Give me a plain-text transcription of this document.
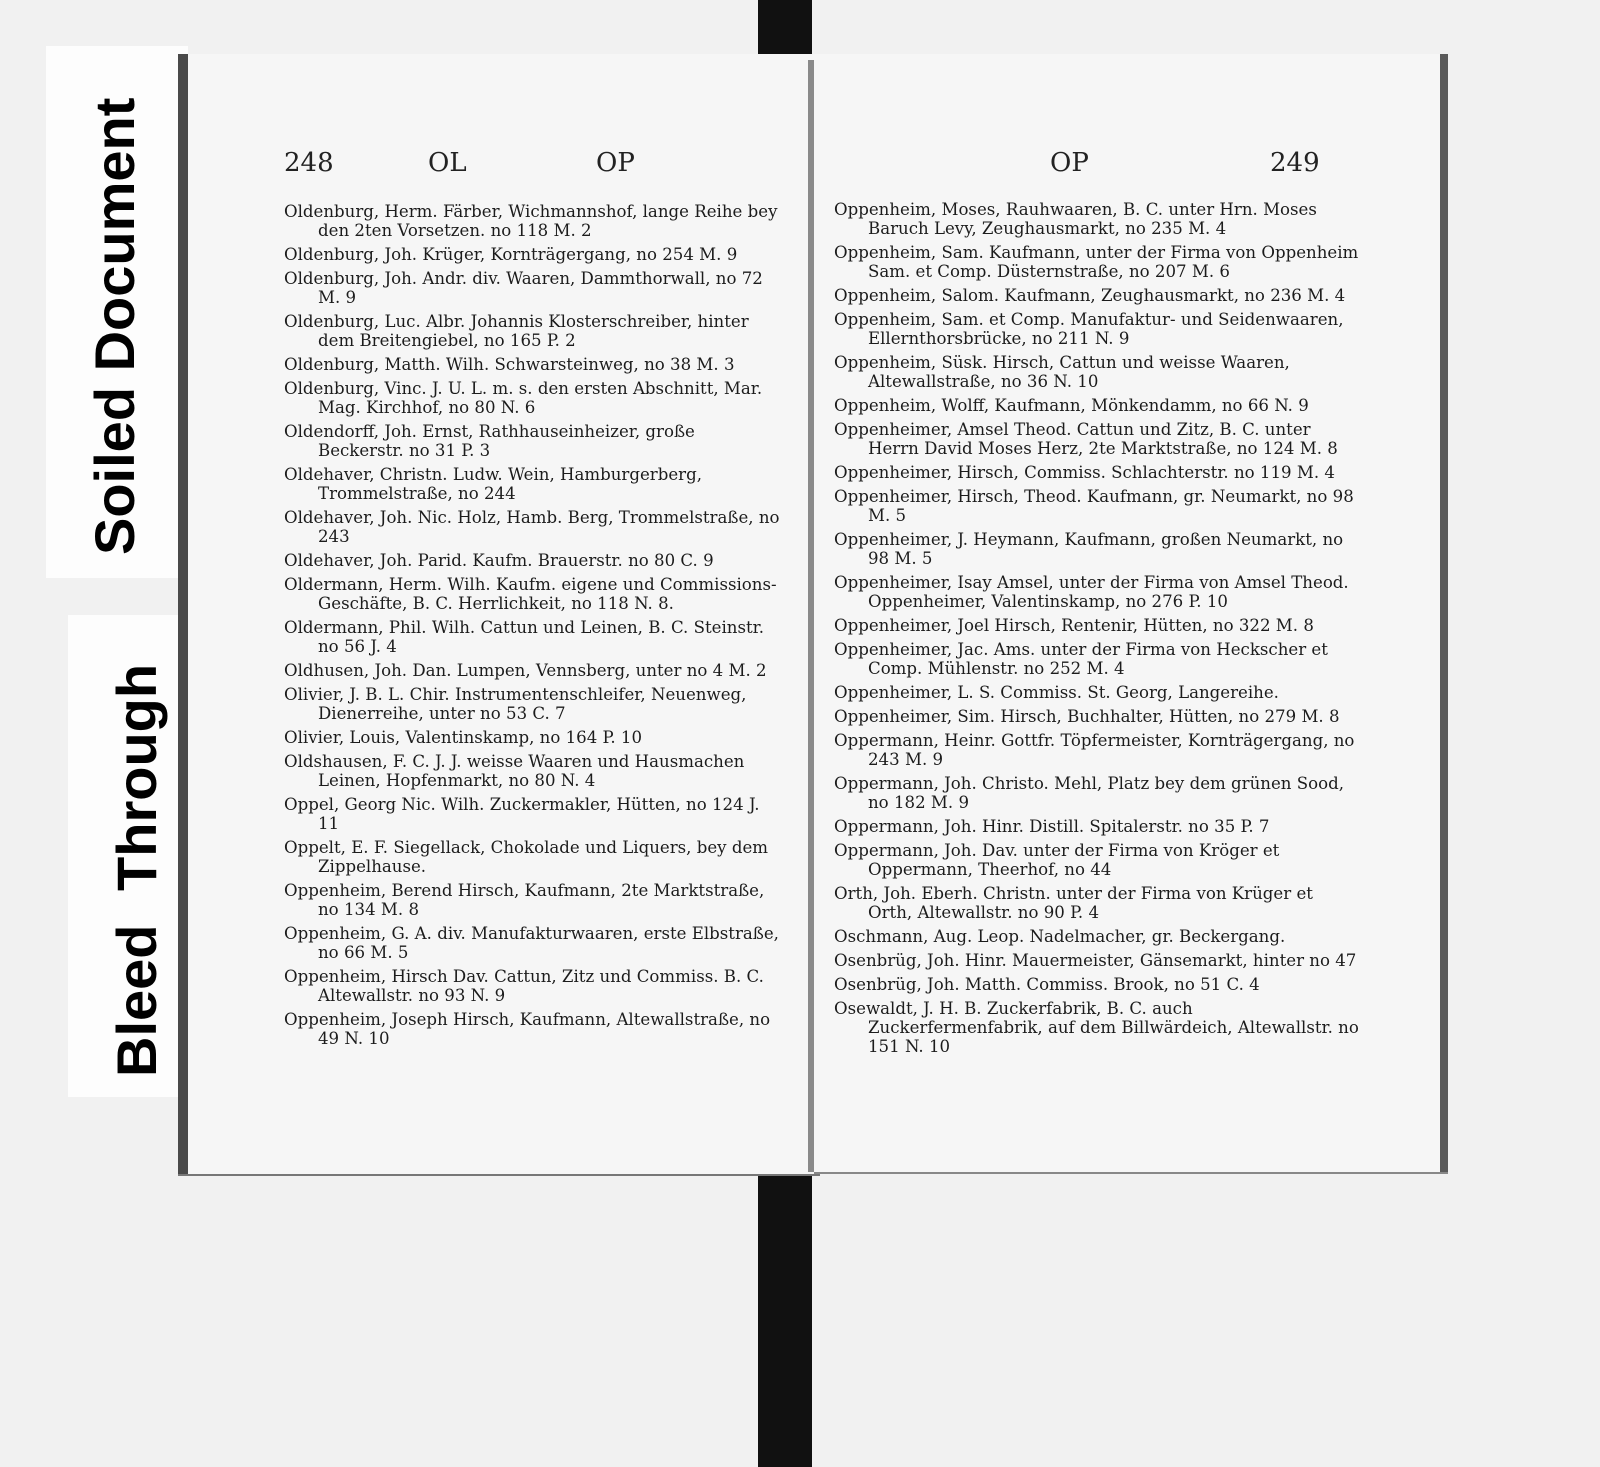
Soiled Document
Bleed Through
248	OL	OP
Oldenburg, Herm. Färber, Wichmannshof, lange Reihe bey den 2ten Vorsetzen. no 118 M. 2
Oldenburg, Joh. Krüger, Kornträgergang, no 254 M. 9
Oldenburg, Joh. Andr. div. Waaren, Dammthorwall, no 72 M. 9
Oldenburg, Luc. Albr. Johannis Klosterschreiber, hinter dem Breitengiebel, no 165 P. 2
Oldenburg, Matth. Wilh. Schwarsteinweg, no 38 M. 3
Oldenburg, Vinc. J. U. L. m. s. den ersten Abschnitt, Mar. Mag. Kirchhof, no 80 N. 6
Oldendorff, Joh. Ernst, Rathhauseinheizer, große Beckerstr. no 31 P. 3
Oldehaver, Christn. Ludw. Wein, Hamburgerberg, Trommelstraße, no 244
Oldehaver, Joh. Nic. Holz, Hamb. Berg, Trommelstraße, no 243
Oldehaver, Joh. Parid. Kaufm. Brauerstr. no 80 C. 9
Oldermann, Herm. Wilh. Kaufm. eigene und Commissions-Geschäfte, B. C. Herrlichkeit, no 118 N. 8.
Oldermann, Phil. Wilh. Cattun und Leinen, B. C. Steinstr. no 56 J. 4
Oldhusen, Joh. Dan. Lumpen, Vennsberg, unter no 4 M. 2
Olivier, J. B. L. Chir. Instrumentenschleifer, Neuenweg, Dienerreihe, unter no 53 C. 7
Olivier, Louis, Valentinskamp, no 164 P. 10
Oldshausen, F. C. J. J. weisse Waaren und Hausmachen Leinen, Hopfenmarkt, no 80 N. 4
Oppel, Georg Nic. Wilh. Zuckermakler, Hütten, no 124 J. 11
Oppelt, E. F. Siegellack, Chokolade und Liquers, bey dem Zippelhause.
Oppenheim, Berend Hirsch, Kaufmann, 2te Marktstraße, no 134 M. 8
Oppenheim, G. A. div. Manufakturwaaren, erste Elbstraße, no 66 M. 5
Oppenheim, Hirsch Dav. Cattun, Zitz und Commiss. B. C. Altewallstr. no 93 N. 9
Oppenheim, Joseph Hirsch, Kaufmann, Altewallstraße, no 49 N. 10
OP	249
Oppenheim, Moses, Rauhwaaren, B. C. unter Hrn. Moses Baruch Levy, Zeughausmarkt, no 235 M. 4
Oppenheim, Sam. Kaufmann, unter der Firma von Oppenheim Sam. et Comp. Düsternstraße, no 207 M. 6
Oppenheim, Salom. Kaufmann, Zeughausmarkt, no 236 M. 4
Oppenheim, Sam. et Comp. Manufaktur- und Seidenwaaren, Ellernthorsbrücke, no 211 N. 9
Oppenheim, Süsk. Hirsch, Cattun und weisse Waaren, Altewallstraße, no 36 N. 10
Oppenheim, Wolff, Kaufmann, Mönkendamm, no 66 N. 9
Oppenheimer, Amsel Theod. Cattun und Zitz, B. C. unter Herrn David Moses Herz, 2te Marktstraße, no 124 M. 8
Oppenheimer, Hirsch, Commiss. Schlachterstr. no 119 M. 4
Oppenheimer, Hirsch, Theod. Kaufmann, gr. Neumarkt, no 98 M. 5
Oppenheimer, J. Heymann, Kaufmann, großen Neumarkt, no 98 M. 5
Oppenheimer, Isay Amsel, unter der Firma von Amsel Theod. Oppenheimer, Valentinskamp, no 276 P. 10
Oppenheimer, Joel Hirsch, Rentenir, Hütten, no 322 M. 8
Oppenheimer, Jac. Ams. unter der Firma von Heckscher et Comp. Mühlenstr. no 252 M. 4
Oppenheimer, L. S. Commiss. St. Georg, Langereihe.
Oppenheimer, Sim. Hirsch, Buchhalter, Hütten, no 279 M. 8
Oppermann, Heinr. Gottfr. Töpfermeister, Kornträgergang, no 243 M. 9
Oppermann, Joh. Christo. Mehl, Platz bey dem grünen Sood, no 182 M. 9
Oppermann, Joh. Hinr. Distill. Spitalerstr. no 35 P. 7
Oppermann, Joh. Dav. unter der Firma von Kröger et Oppermann, Theerhof, no 44
Orth, Joh. Eberh. Christn. unter der Firma von Krüger et Orth, Altewallstr. no 90 P. 4
Oschmann, Aug. Leop. Nadelmacher, gr. Beckergang.
Osenbrüg, Joh. Hinr. Mauermeister, Gänsemarkt, hinter no 47
Osenbrüg, Joh. Matth. Commiss. Brook, no 51 C. 4
Osewaldt, J. H. B. Zuckerfabrik, B. C. auch Zuckerfermenfabrik, auf dem Billwärdeich, Altewallstr. no 151 N. 10
